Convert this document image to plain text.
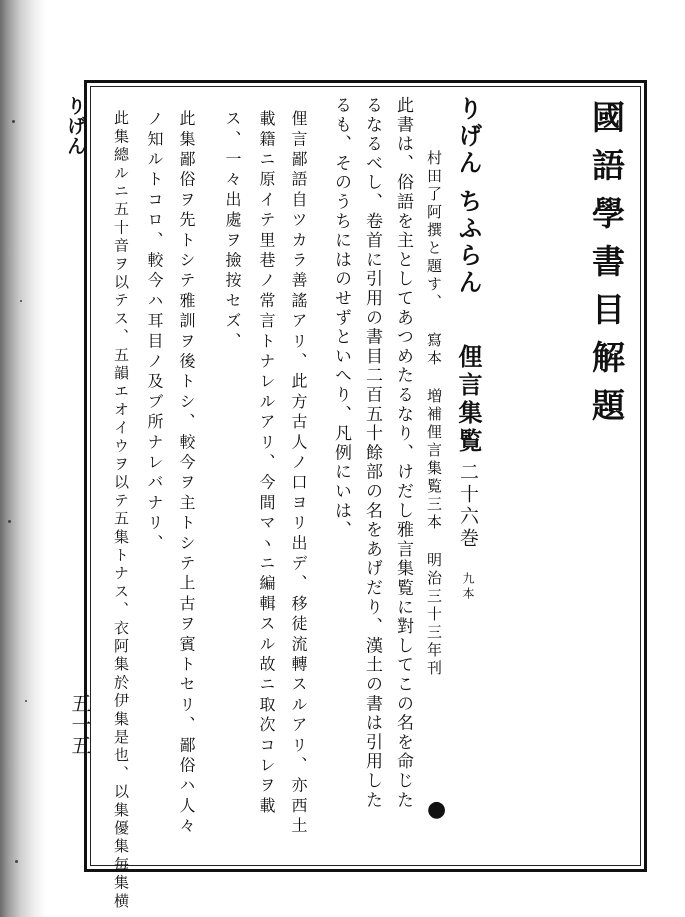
りげん
五一五
國語學書目解題
りげん ちふらん俚言集覧二十六巻九本
村田了阿撰と題す、寫本増補俚言集覧三本明治三十三年刊
此書は、俗語を主としてあつめたるなり、けだし雅言集覧に對してこの名を命じた
るなるべし、卷首に引用の書目二百五十餘部の名をあげだり、漢土の書は引用した
るも、そのうちにはのせずといへり、凡例にいは、
俚言鄙語自ツカラ善謠アリ、此方古人ノ口ヨリ出デ、移徒流轉スルアリ、亦西土
載籍ニ原イテ里巷ノ常言トナレルアリ、今間マヽニ編輯スル故ニ取次コレヲ載
ス、一々出處ヲ撿按セズ、
此集鄙俗ヲ先トシテ雅訓ヲ後トシ、較今ヲ主トシテ上古ヲ賓トセリ、鄙俗ハ人々
ノ知ルトコロ、較今ハ耳目ノ及ブ所ナレバナリ、
此集總ルニ五十音ヲ以テス、五韻エオイウヲ以テ五集トナス、衣阿集於伊集是也、以集優集毎集横	●
